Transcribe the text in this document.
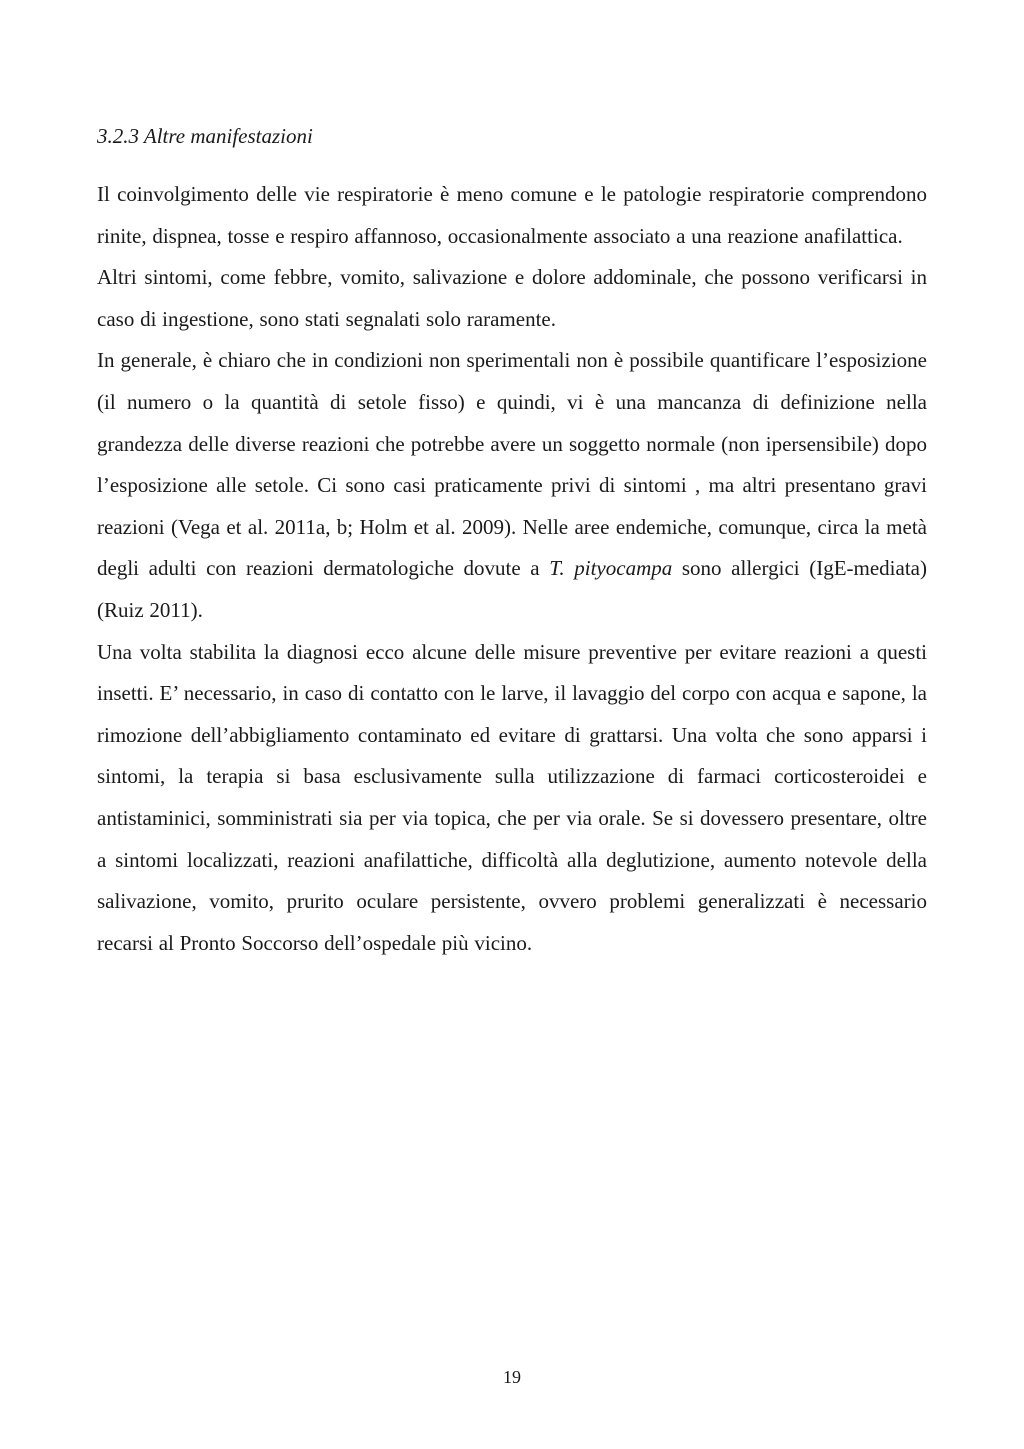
3.2.3 Altre manifestazioni

Il coinvolgimento delle vie respiratorie è meno comune e le patologie respiratorie comprendono rinite, dispnea, tosse e respiro affannoso, occasionalmente associato a una reazione anafilattica.

Altri sintomi, come febbre, vomito, salivazione e dolore addominale, che possono verificarsi in caso di ingestione, sono stati segnalati solo raramente.

In generale, è chiaro che in condizioni non sperimentali non è possibile quantificare l’esposizione (il numero o la quantità di setole fisso) e quindi, vi è una mancanza di definizione nella grandezza delle diverse reazioni che potrebbe avere un soggetto normale (non ipersensibile) dopo l’esposizione alle setole. Ci sono casi praticamente privi di sintomi , ma altri presentano gravi reazioni (Vega et al. 2011a, b; Holm et al. 2009). Nelle aree endemiche, comunque, circa la metà degli adulti con reazioni dermatologiche dovute a T. pityocampa sono allergici (IgE-mediata) (Ruiz 2011).

Una volta stabilita la diagnosi ecco alcune delle misure preventive per evitare reazioni a questi insetti. E’ necessario, in caso di contatto con le larve, il lavaggio del corpo con acqua e sapone, la rimozione dell’abbigliamento contaminato ed evitare di grattarsi. Una volta che sono apparsi i sintomi, la terapia si basa esclusivamente sulla utilizzazione di farmaci corticosteroidei e antistaminici, somministrati sia per via topica, che per via orale. Se si dovessero presentare, oltre a sintomi localizzati, reazioni anafilattiche, difficoltà alla deglutizione, aumento notevole della salivazione, vomito, prurito oculare persistente, ovvero problemi generalizzati è necessario recarsi al Pronto Soccorso dell’ospedale più vicino.

19
